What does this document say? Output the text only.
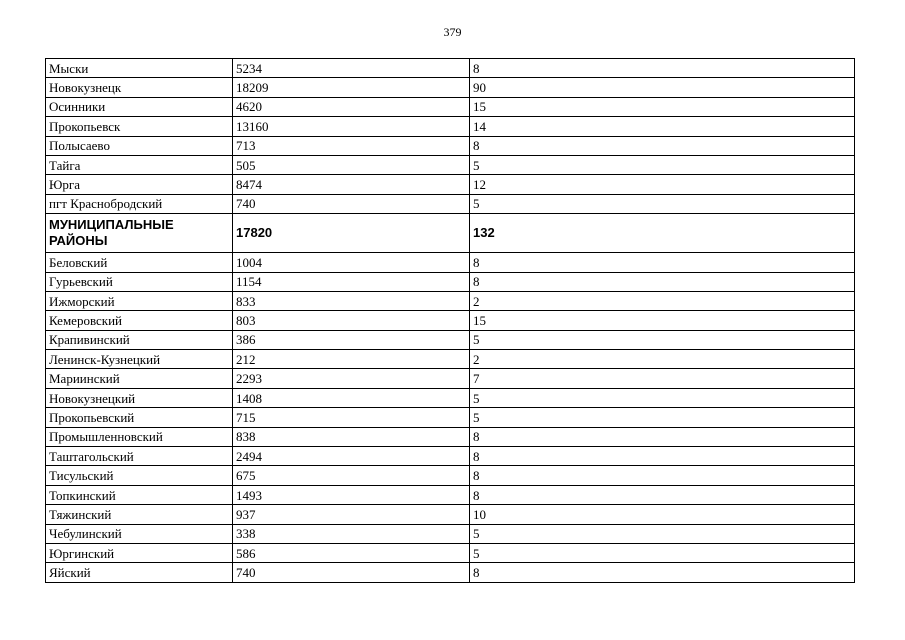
379
Мыски	5234	8
Новокузнецк	18209	90
Осинники	4620	15
Прокопьевск	13160	14
Полысаево	713	8
Тайга	505	5
Юрга	8474	12
пгт Краснобродский	740	5
МУНИЦИПАЛЬНЫЕ РАЙОНЫ	17820	132
Беловский	1004	8
Гурьевский	1154	8
Ижморский	833	2
Кемеровский	803	15
Крапивинский	386	5
Ленинск-Кузнецкий	212	2
Мариинский	2293	7
Новокузнецкий	1408	5
Прокопьевский	715	5
Промышленновский	838	8
Таштагольский	2494	8
Тисульский	675	8
Топкинский	1493	8
Тяжинский	937	10
Чебулинский	338	5
Юргинский	586	5
Яйский	740	8
